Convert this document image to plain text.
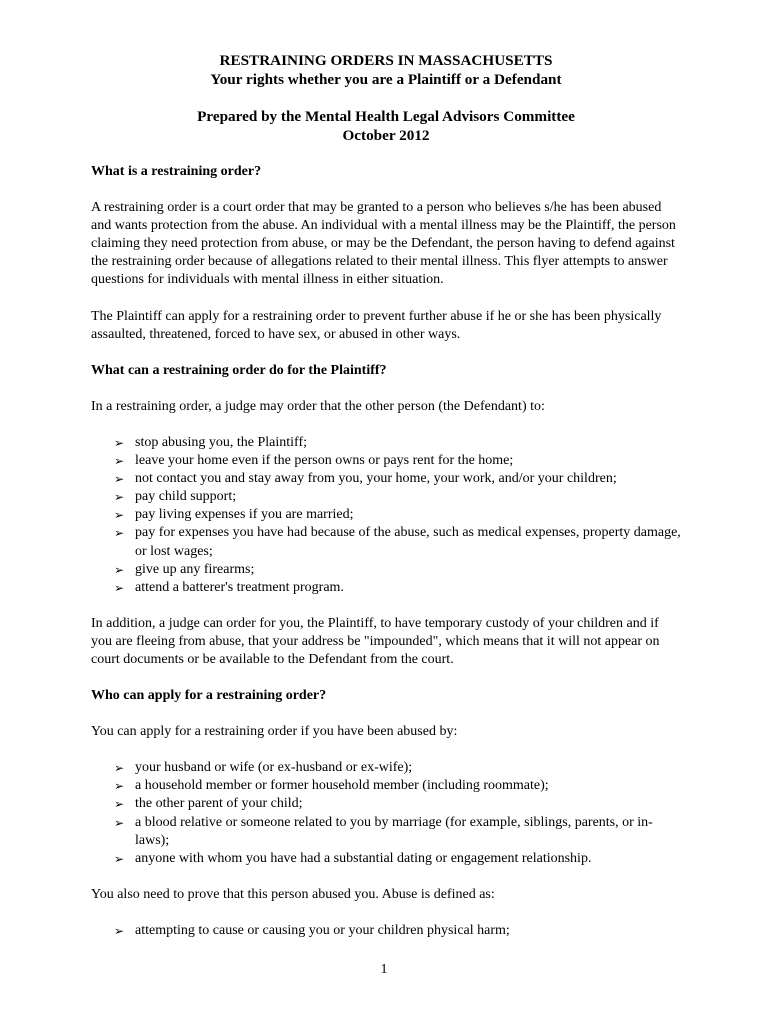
RESTRAINING ORDERS IN MASSACHUSETTS
Your rights whether you are a Plaintiff or a Defendant
Prepared by the Mental Health Legal Advisors Committee
October 2012

What is a restraining order?

A restraining order is a court order that may be granted to a person who believes s/he has been abused and wants protection from the abuse. An individual with a mental illness may be the Plaintiff, the person claiming they need protection from abuse, or may be the Defendant, the person having to defend against the restraining order because of allegations related to their mental illness. This flyer attempts to answer questions for individuals with mental illness in either situation.

The Plaintiff can apply for a restraining order to prevent further abuse if he or she has been physically assaulted, threatened, forced to have sex, or abused in other ways.

What can a restraining order do for the Plaintiff?

In a restraining order, a judge may order that the other person (the Defendant) to:

➢ stop abusing you, the Plaintiff;
➢ leave your home even if the person owns or pays rent for the home;
➢ not contact you and stay away from you, your home, your work, and/or your children;
➢ pay child support;
➢ pay living expenses if you are married;
➢ pay for expenses you have had because of the abuse, such as medical expenses, property damage, or lost wages;
➢ give up any firearms;
➢ attend a batterer's treatment program.

In addition, a judge can order for you, the Plaintiff, to have temporary custody of your children and if you are fleeing from abuse, that your address be "impounded", which means that it will not appear on court documents or be available to the Defendant from the court.

Who can apply for a restraining order?

You can apply for a restraining order if you have been abused by:

➢ your husband or wife (or ex-husband or ex-wife);
➢ a household member or former household member (including roommate);
➢ the other parent of your child;
➢ a blood relative or someone related to you by marriage (for example, siblings, parents, or in-laws);
➢ anyone with whom you have had a substantial dating or engagement relationship.

You also need to prove that this person abused you. Abuse is defined as:

➢ attempting to cause or causing you or your children physical harm;
1
